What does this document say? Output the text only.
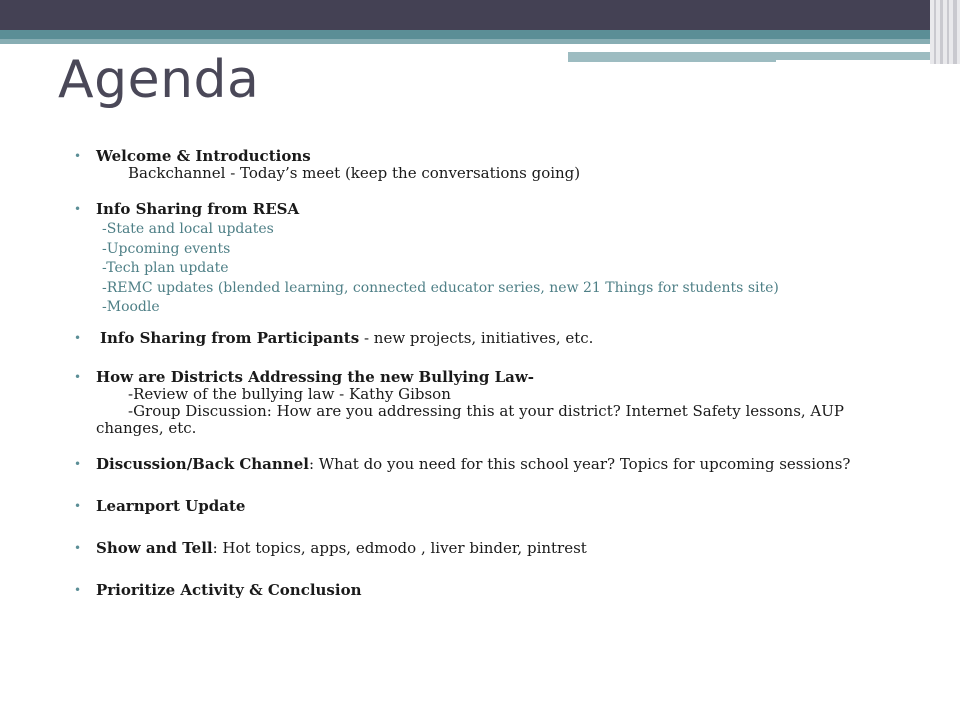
Agenda
• Welcome & Introductions
Backchannel - Today’s meet (keep the conversations going)
• Info Sharing from RESA
-State and local updates
-Upcoming events
-Tech plan update
-REMC updates (blended learning, connected educator series, new 21 Things for students site)
-Moodle
• Info Sharing from Participants - new projects, initiatives, etc.
• How are Districts Addressing the new Bullying Law-
-Review of the bullying law - Kathy Gibson
-Group Discussion: How are you addressing this at your district? Internet Safety lessons, AUP
changes, etc.
• Discussion/Back Channel: What do you need for this school year? Topics for upcoming sessions?
• Learnport Update
• Show and Tell: Hot topics, apps, edmodo , liver binder, pintrest
• Prioritize Activity & Conclusion
